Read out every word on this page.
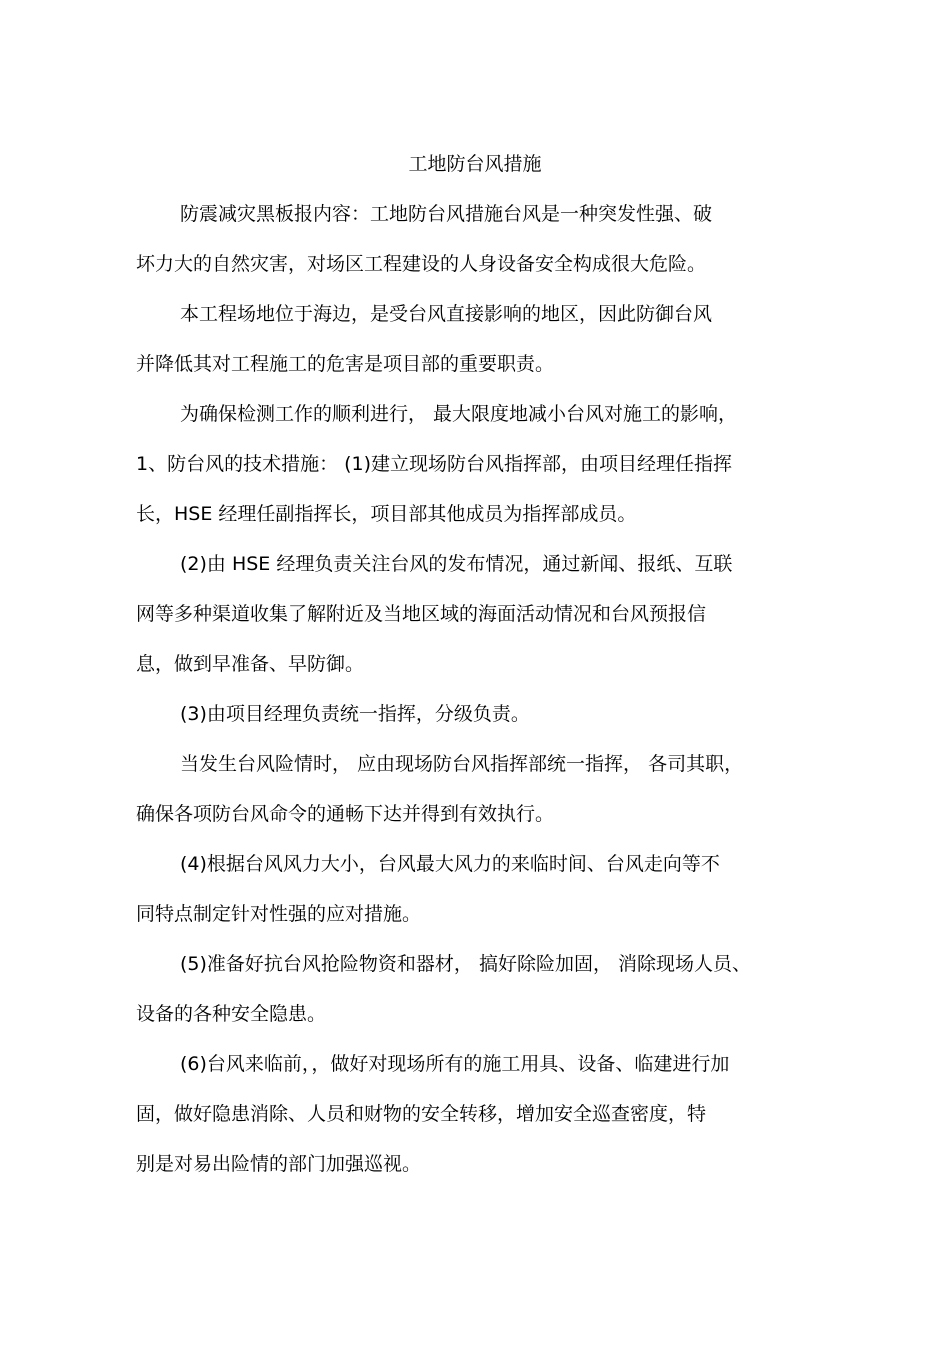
工地防台风措施
防震减灾黑板报内容：工地防台风措施台风是一种突发性强、破
坏力大的自然灾害，对场区工程建设的人身设备安全构成很大危险。
本工程场地位于海边，是受台风直接影响的地区，因此防御台风
并降低其对工程施工的危害是项目部的重要职责。
为确保检测工作的顺利进行， 最大限度地减小台风对施工的影响，
1、防台风的技术措施： (1)建立现场防台风指挥部，由项目经理任指挥
长，HSE 经理任副指挥长，项目部其他成员为指挥部成员。
(2)由 HSE 经理负责关注台风的发布情况，通过新闻、报纸、互联
网等多种渠道收集了解附近及当地区域的海面活动情况和台风预报信
息，做到早准备、早防御。
(3)由项目经理负责统一指挥，分级负责。
当发生台风险情时， 应由现场防台风指挥部统一指挥， 各司其职，
确保各项防台风命令的通畅下达并得到有效执行。
(4)根据台风风力大小，台风最大风力的来临时间、台风走向等不
同特点制定针对性强的应对措施。
(5)准备好抗台风抢险物资和器材， 搞好除险加固， 消除现场人员、
设备的各种安全隐患。
(6)台风来临前，，做好对现场所有的施工用具、设备、临建进行加
固，做好隐患消除、人员和财物的安全转移，增加安全巡查密度，特
别是对易出险情的部门加强巡视。
